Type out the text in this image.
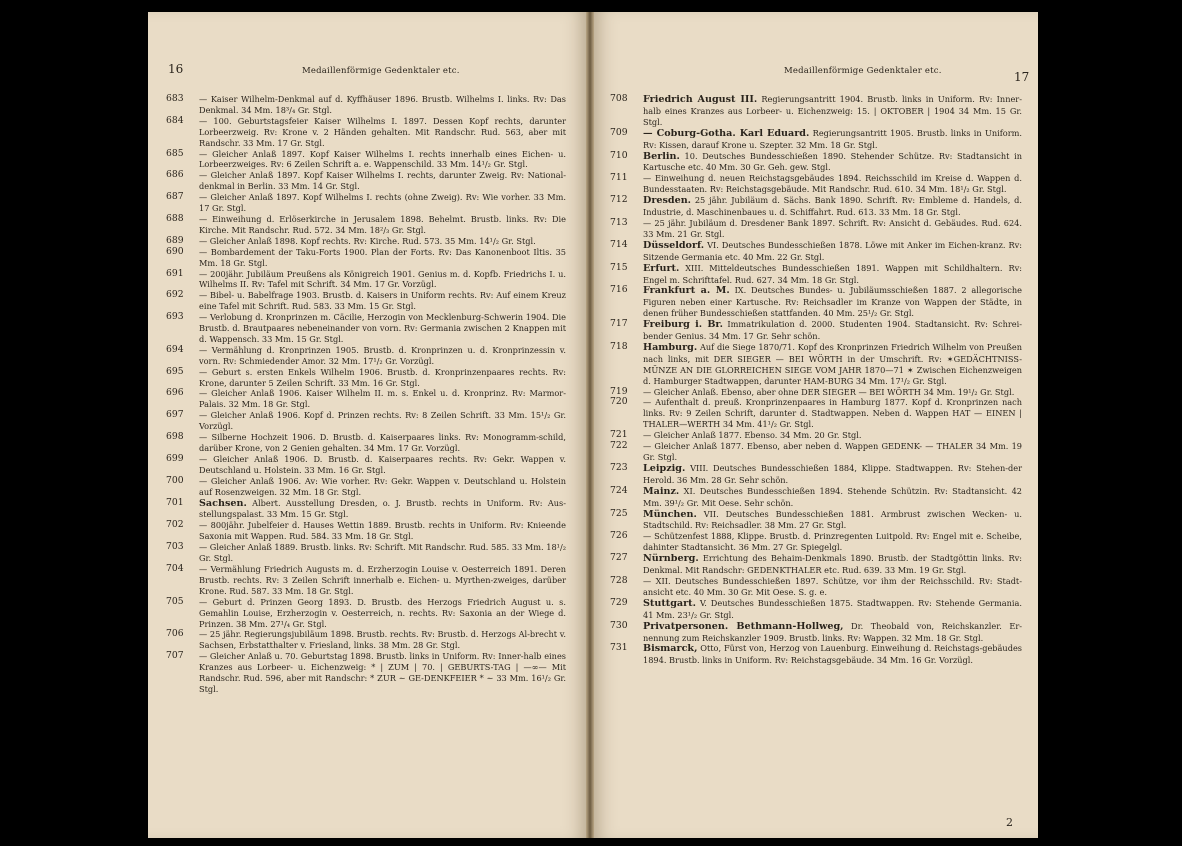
16	Medaillenförmige Gedenktaler etc.
683 — Kaiser Wilhelm-Denkmal auf d. Kyffhäuser 1896. Brustb. Wilhelms I. links. Rv: Das Denkmal. 34 Mm. 18³/₄ Gr. Stgl.
684 — 100. Geburtstagsfeier Kaiser Wilhelms I. 1897. Dessen Kopf rechts, darunter Lorbeerzweig. Rv: Krone v. 2 Händen gehalten. Mit Randschr. Rud. 563, aber mit Randschr. 33 Mm. 17 Gr. Stgl.
685 — Gleicher Anlaß 1897. Kopf Kaiser Wilhelms I. rechts innerhalb eines Eichen- u. Lorbeerzweiges. Rv: 6 Zeilen Schrift a. e. Wappenschild. 33 Mm. 14¹/₂ Gr. Stgl.
686 — Gleicher Anlaß 1897. Kopf Kaiser Wilhelms I. rechts, darunter Zweig. Rv: National-denkmal in Berlin. 33 Mm. 14 Gr. Stgl.
687 — Gleicher Anlaß 1897. Kopf Wilhelms I. rechts (ohne Zweig). Rv: Wie vorher. 33 Mm. 17 Gr. Stgl.
688 — Einweihung d. Erlöserkirche in Jerusalem 1898. Behelmt. Brustb. links. Rv: Die Kirche. Mit Randschr. Rud. 572. 34 Mm. 18²/₃ Gr. Stgl.
689 — Gleicher Anlaß 1898. Kopf rechts. Rv: Kirche. Rud. 573. 35 Mm. 14¹/₂ Gr. Stgl.
690 — Bombardement der Taku-Forts 1900. Plan der Forts. Rv: Das Kanonenboot Iltis. 35 Mm. 18 Gr. Stgl.
691 — 200jähr. Jubiläum Preußens als Königreich 1901. Genius m. d. Kopfb. Friedrichs I. u. Wilhelms II. Rv: Tafel mit Schrift. 34 Mm. 17 Gr. Vorzügl.
692 — Bibel- u. Babelfrage 1903. Brustb. d. Kaisers in Uniform rechts. Rv: Auf einem Kreuz eine Tafel mit Schrift. Rud. 583. 33 Mm. 15 Gr. Stgl.
693 — Verlobung d. Kronprinzen m. Cäcilie, Herzogin von Mecklenburg-Schwerin 1904. Die Brustb. d. Brautpaares nebeneinander von vorn. Rv: Germania zwischen 2 Knappen mit d. Wappensch. 33 Mm. 15 Gr. Stgl.
694 — Vermählung d. Kronprinzen 1905. Brustb. d. Kronprinzen u. d. Kronprinzessin v. vorn. Rv: Schmiedender Amor. 32 Mm. 17¹/₂ Gr. Vorzügl.
695 — Geburt s. ersten Enkels Wilhelm 1906. Brustb. d. Kronprinzenpaares rechts. Rv: Krone, darunter 5 Zeilen Schrift. 33 Mm. 16 Gr. Stgl.
696 — Gleicher Anlaß 1906. Kaiser Wilhelm II. m. s. Enkel u. d. Kronprinz. Rv: Marmor-Palais. 32 Mm. 18 Gr. Stgl.
697 — Gleicher Anlaß 1906. Kopf d. Prinzen rechts. Rv: 8 Zeilen Schrift. 33 Mm. 15¹/₂ Gr. Vorzügl.
698 — Silberne Hochzeit 1906. D. Brustb. d. Kaiserpaares links. Rv: Monogramm-schild, darüber Krone, von 2 Genien gehalten. 34 Mm. 17 Gr. Vorzügl.
699 — Gleicher Anlaß 1906. D. Brustb. d. Kaiserpaares rechts. Rv: Gekr. Wappen v. Deutschland u. Holstein. 33 Mm. 16 Gr. Stgl.
700 — Gleicher Anlaß 1906. Av: Wie vorher. Rv: Gekr. Wappen v. Deutschland u. Holstein auf Rosenzweigen. 32 Mm. 18 Gr. Stgl.
701 Sachsen. Albert. Ausstellung Dresden, o. J. Brustb. rechts in Uniform. Rv: Aus-stellungspalast. 33 Mm. 15 Gr. Stgl.
702 — 800jähr. Jubelfeier d. Hauses Wettin 1889. Brustb. rechts in Uniform. Rv: Knieende Saxonia mit Wappen. Rud. 584. 33 Mm. 18 Gr. Stgl.
703 — Gleicher Anlaß 1889. Brustb. links. Rv: Schrift. Mit Randschr. Rud. 585. 33 Mm. 18¹/₂ Gr. Stgl.
704 — Vermählung Friedrich Augusts m. d. Erzherzogin Louise v. Oesterreich 1891. Deren Brustb. rechts. Rv: 3 Zeilen Schrift innerhalb e. Eichen- u. Myrthen-zweiges, darüber Krone. Rud. 587. 33 Mm. 18 Gr. Stgl.
705 — Geburt d. Prinzen Georg 1893. D. Brustb. des Herzogs Friedrich August u. s. Gemahlin Louise, Erzherzogin v. Oesterreich, n. rechts. Rv: Saxonia an der Wiege d. Prinzen. 38 Mm. 27¹/₄ Gr. Stgl.
706 — 25 jähr. Regierungsjubiläum 1898. Brustb. rechts. Rv: Brustb. d. Herzogs Al-brecht v. Sachsen, Erbstatthalter v. Friesland, links. 38 Mm. 28 Gr. Stgl.
707 — Gleicher Anlaß u. 70. Geburtstag 1898. Brustb. links in Uniform. Rv: Inner-halb eines Kranzes aus Lorbeer- u. Eichenzweig: * | ZUM | 70. | GEBURTS-TAG | —∞— Mit Randschr. Rud. 596, aber mit Randschr: * ZUR ∼ GE-DENKFEIER * ∼ 33 Mm. 16¹/₂ Gr. Stgl.
Medaillenförmige Gedenktaler etc.	17
708 Friedrich August III. Regierungsantritt 1904. Brustb. links in Uniform. Rv: Inner-halb eines Kranzes aus Lorbeer- u. Eichenzweig: 15. | OKTOBER | 1904 34 Mm. 15 Gr. Stgl.
709 — Coburg-Gotha. Karl Eduard. Regierungsantritt 1905. Brustb. links in Uniform. Rv: Kissen, darauf Krone u. Szepter. 32 Mm. 18 Gr. Stgl.
710 Berlin. 10. Deutsches Bundesschießen 1890. Stehender Schütze. Rv: Stadtansicht in Kartusche etc. 40 Mm. 30 Gr. Geh. gew. Stgl.
711 — Einweihung d. neuen Reichstagsgebäudes 1894. Reichsschild im Kreise d. Wappen d. Bundesstaaten. Rv: Reichstagsgebäude. Mit Randschr. Rud. 610. 34 Mm. 18¹/₂ Gr. Stgl.
712 Dresden. 25 jähr. Jubiläum d. Sächs. Bank 1890. Schrift. Rv: Embleme d. Handels, d. Industrie, d. Maschinenbaues u. d. Schiffahrt. Rud. 613. 33 Mm. 18 Gr. Stgl.
713 — 25 jähr. Jubiläum d. Dresdener Bank 1897. Schrift. Rv: Ansicht d. Gebäudes. Rud. 624. 33 Mm. 21 Gr. Stgl.
714 Düsseldorf. VI. Deutsches Bundesschießen 1878. Löwe mit Anker im Eichen-kranz. Rv: Sitzende Germania etc. 40 Mm. 22 Gr. Stgl.
715 Erfurt. XIII. Mitteldeutsches Bundesschießen 1891. Wappen mit Schildhaltern. Rv: Engel m. Schrifttafel. Rud. 627. 34 Mm. 18 Gr. Stgl.
716 Frankfurt a. M. IX. Deutsches Bundes- u. Jubiläumsschießen 1887. 2 allegorische Figuren neben einer Kartusche. Rv: Reichsadler im Kranze von Wappen der Städte, in denen früher Bundesschießen stattfanden. 40 Mm. 25¹/₂ Gr. Stgl.
717 Freiburg i. Br. Immatrikulation d. 2000. Studenten 1904. Stadtansicht. Rv: Schrei-bender Genius. 34 Mm. 17 Gr. Sehr schön.
718 Hamburg. Auf die Siege 1870/71. Kopf des Kronprinzen Friedrich Wilhelm von Preußen nach links, mit DER SIEGER — BEI WÖRTH in der Umschrift. Rv: ✶GEDÄCHTNISS-MÜNZE AN DIE GLORREICHEN SIEGE VOM JAHR 1870—71 ✶ Zwischen Eichenzweigen d. Hamburger Stadtwappen, darunter HAM-BURG 34 Mm. 17¹/₂ Gr. Stgl.
719 — Gleicher Anlaß. Ebenso, aber ohne DER SIEGER — BEI WÖRTH 34 Mm. 19¹/₂ Gr. Stgl.
720 — Aufenthalt d. preuß. Kronprinzenpaares in Hamburg 1877. Kopf d. Kronprinzen nach links. Rv: 9 Zeilen Schrift, darunter d. Stadtwappen. Neben d. Wappen HAT — EINEN | THALER—WERTH 34 Mm. 41¹/₂ Gr. Stgl.
721 — Gleicher Anlaß 1877. Ebenso. 34 Mm. 20 Gr. Stgl.
722 — Gleicher Anlaß 1877. Ebenso, aber neben d. Wappen GEDENK- — THALER 34 Mm. 19 Gr. Stgl.
723 Leipzig. VIII. Deutsches Bundesschießen 1884, Klippe. Stadtwappen. Rv: Stehen-der Herold. 36 Mm. 28 Gr. Sehr schön.
724 Mainz. XI. Deutsches Bundesschießen 1894. Stehende Schützin. Rv: Stadtansicht. 42 Mm. 39¹/₂ Gr. Mit Oese. Sehr schön.
725 München. VII. Deutsches Bundesschießen 1881. Armbrust zwischen Wecken- u. Stadtschild. Rv: Reichsadler. 38 Mm. 27 Gr. Stgl.
726 — Schützenfest 1888, Klippe. Brustb. d. Prinzregenten Luitpold. Rv: Engel mit e. Scheibe, dahinter Stadtansicht. 36 Mm. 27 Gr. Spiegelgl.
727 Nürnberg. Errichtung des Behaim-Denkmals 1890. Brustb. der Stadtgöttin links. Rv: Denkmal. Mit Randschr: GEDENKTHALER etc. Rud. 639. 33 Mm. 19 Gr. Stgl.
728 — XII. Deutsches Bundesschießen 1897. Schütze, vor ihm der Reichsschild. Rv: Stadt-ansicht etc. 40 Mm. 30 Gr. Mit Oese. S. g. e.
729 Stuttgart. V. Deutsches Bundesschießen 1875. Stadtwappen. Rv: Stehende Germania. 41 Mm. 23¹/₂ Gr. Stgl.
730 Privatpersonen. Bethmann-Hollweg, Dr. Theobald von, Reichskanzler. Er-nennung zum Reichskanzler 1909. Brustb. links. Rv: Wappen. 32 Mm. 18 Gr. Stgl.
731 Bismarck, Otto, Fürst von, Herzog von Lauenburg. Einweihung d. Reichstags-gebäudes 1894. Brustb. links in Uniform. Rv: Reichstagsgebäude. 34 Mm. 16 Gr. Vorzügl.
2
